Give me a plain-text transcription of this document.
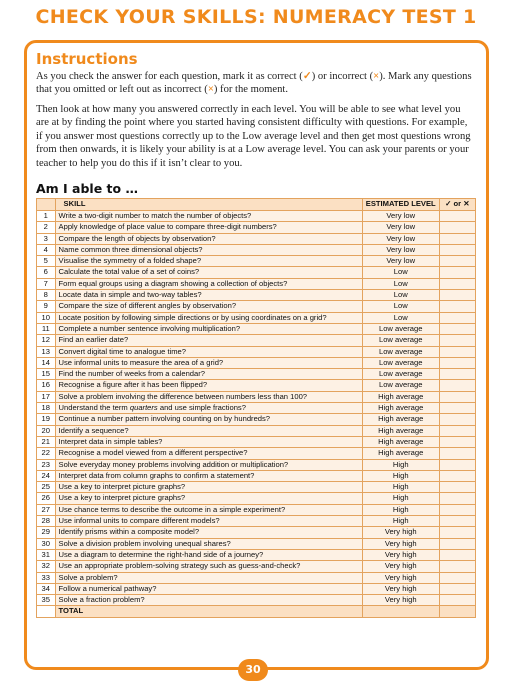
CHECK YOUR SKILLS: NUMERACY TEST 1
Instructions
As you check the answer for each question, mark it as correct (✓) or incorrect (×). Mark any questions that you omitted or left out as incorrect (×) for the moment.
Then look at how many you answered correctly in each level. You will be able to see what level you are at by finding the point where you started having consistent difficulty with questions. For example, if you answer most questions correctly up to the Low average level and then get most questions wrong from then onwards, it is likely your ability is at a Low average level. You can ask your parents or your teacher to help you do this if it isn’t clear to you.
Am I able to …
	SKILL	ESTIMATED LEVEL	✓ or ✕
1	Write a two-digit number to match the number of objects?	Very low	
2	Apply knowledge of place value to compare three-digit numbers?	Very low	
3	Compare the length of objects by observation?	Very low	
4	Name common three dimensional objects?	Very low	
5	Visualise the symmetry of a folded shape?	Very low	
6	Calculate the total value of a set of coins?	Low	
7	Form equal groups using a diagram showing a collection of objects?	Low	
8	Locate data in simple and two-way tables?	Low	
9	Compare the size of different angles by observation?	Low	
10	Locate position by following simple directions or by using coordinates on a grid?	Low	
11	Complete a number sentence involving multiplication?	Low average	
12	Find an earlier date?	Low average	
13	Convert digital time to analogue time?	Low average	
14	Use informal units to measure the area of a grid?	Low average	
15	Find the number of weeks from a calendar?	Low average	
16	Recognise a figure after it has been flipped?	Low average	
17	Solve a problem involving the difference between numbers less than 100?	High average	
18	Understand the term quarters and use simple fractions?	High average	
19	Continue a number pattern involving counting on by hundreds?	High average	
20	Identify a sequence?	High average	
21	Interpret data in simple tables?	High average	
22	Recognise a model viewed from a different perspective?	High average	
23	Solve everyday money problems involving addition or multiplication?	High	
24	Interpret data from column graphs to confirm a statement?	High	
25	Use a key to interpret picture graphs?	High	
26	Use a key to interpret picture graphs?	High	
27	Use chance terms to describe the outcome in a simple experiment?	High	
28	Use informal units to compare different models?	High	
29	Identify prisms within a composite model?	Very high	
30	Solve a division problem involving unequal shares?	Very high	
31	Use a diagram to determine the right-hand side of a journey?	Very high	
32	Use an appropriate problem-solving strategy such as guess-and-check?	Very high	
33	Solve a problem?	Very high	
34	Follow a numerical pathway?	Very high	
35	Solve a fraction problem?	Very high	
	TOTAL		
30
